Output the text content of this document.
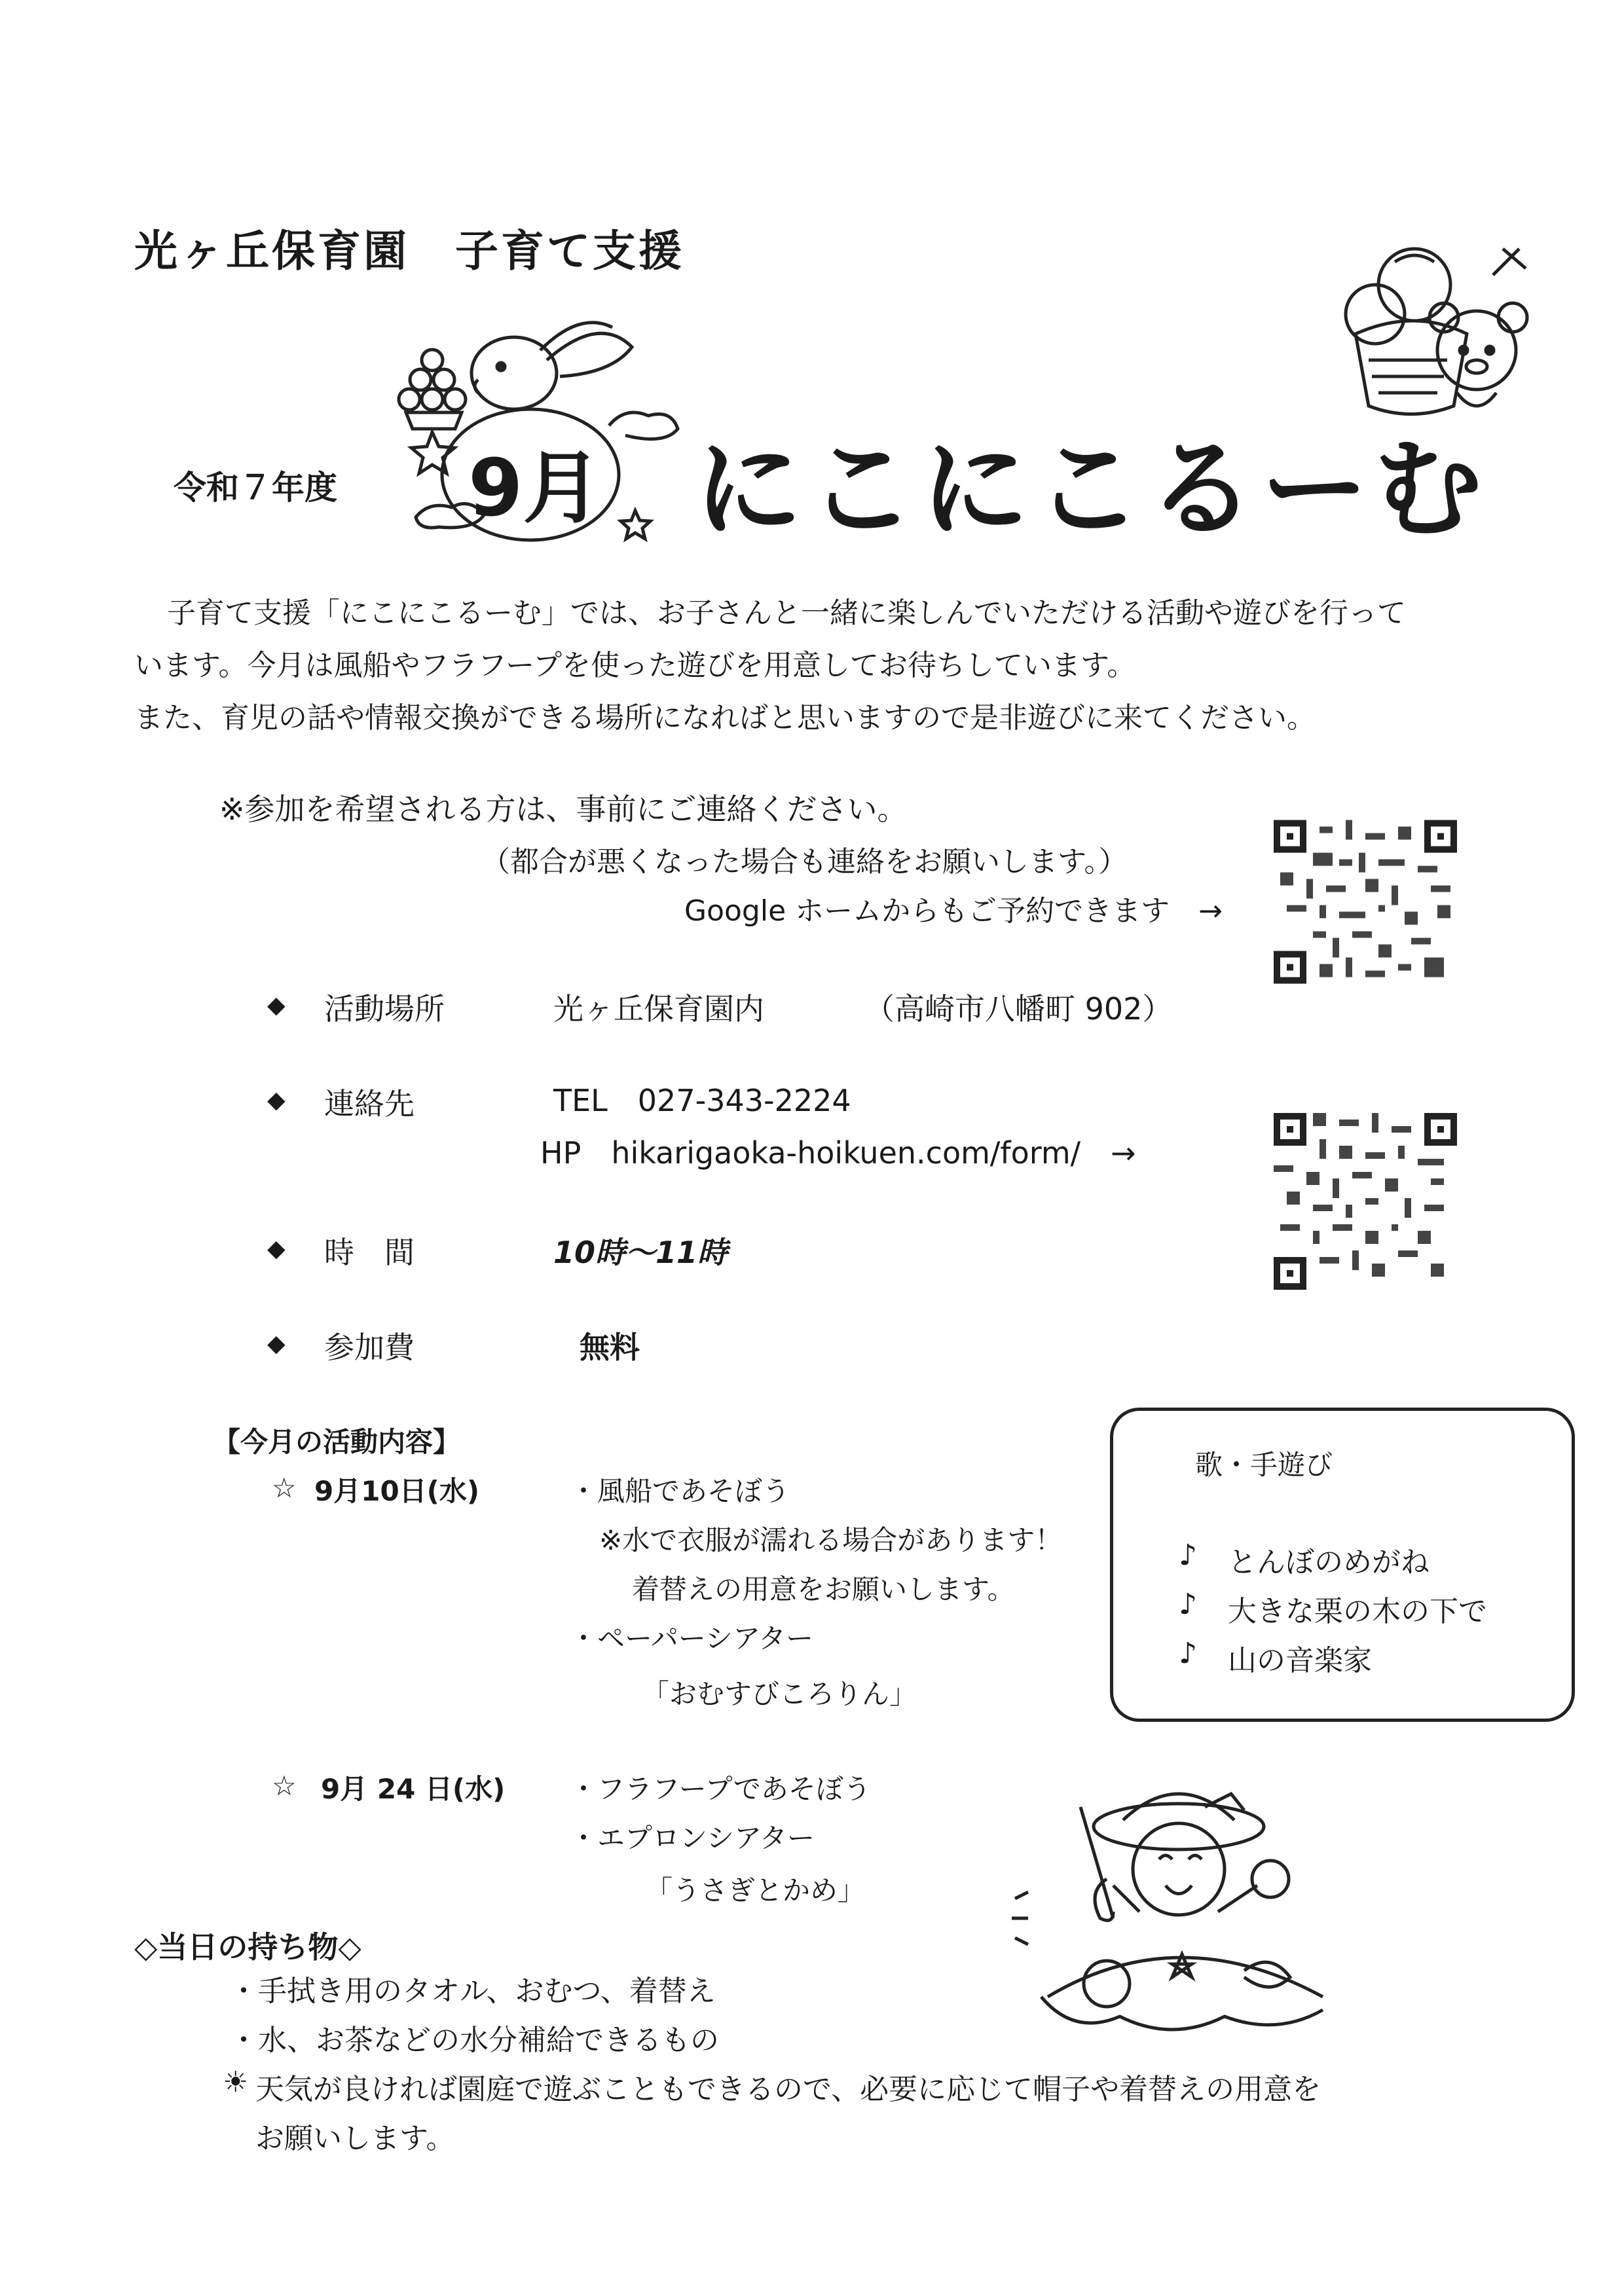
光ヶ丘保育園　子育て支援
9月
令和７年度	にこにこるーむ
子育て支援「にこにこるーむ」では、お子さんと一緒に楽しんでいただける活動や遊びを行って
います。今月は風船やフラフープを使った遊びを用意してお待ちしています。
また、育児の話や情報交換ができる場所になればと思いますので是非遊びに来てください。
※参加を希望される方は、事前にご連絡ください。
（都合が悪くなった場合も連絡をお願いします。）
Google ホームからもご予約できます　→
◆ 活動場所	光ヶ丘保育園内	（高崎市八幡町 902）
◆ 連絡先	TEL　027-343-2224
HP　hikarigaoka-hoikuen.com/form/　→
◆ 時　間	10時～11時
◆ 参加費	無料
【今月の活動内容】
☆ 9月10日(水)	・風船であそぼう
※水で衣服が濡れる場合があります！
着替えの用意をお願いします。
・ペーパーシアター
「おむすびころりん」
☆ 9月 24 日(水) ・フラフープであそぼう
・エプロンシアター
「うさぎとかめ」
歌・手遊び
♪ とんぼのめがね
♪ 大きな栗の木の下で
♪ 山の音楽家
◇当日の持ち物◇
・手拭き用のタオル、おむつ、着替え
・水、お茶などの水分補給できるもの
☀ 天気が良ければ園庭で遊ぶこともできるので、必要に応じて帽子や着替えの用意を
お願いします。
